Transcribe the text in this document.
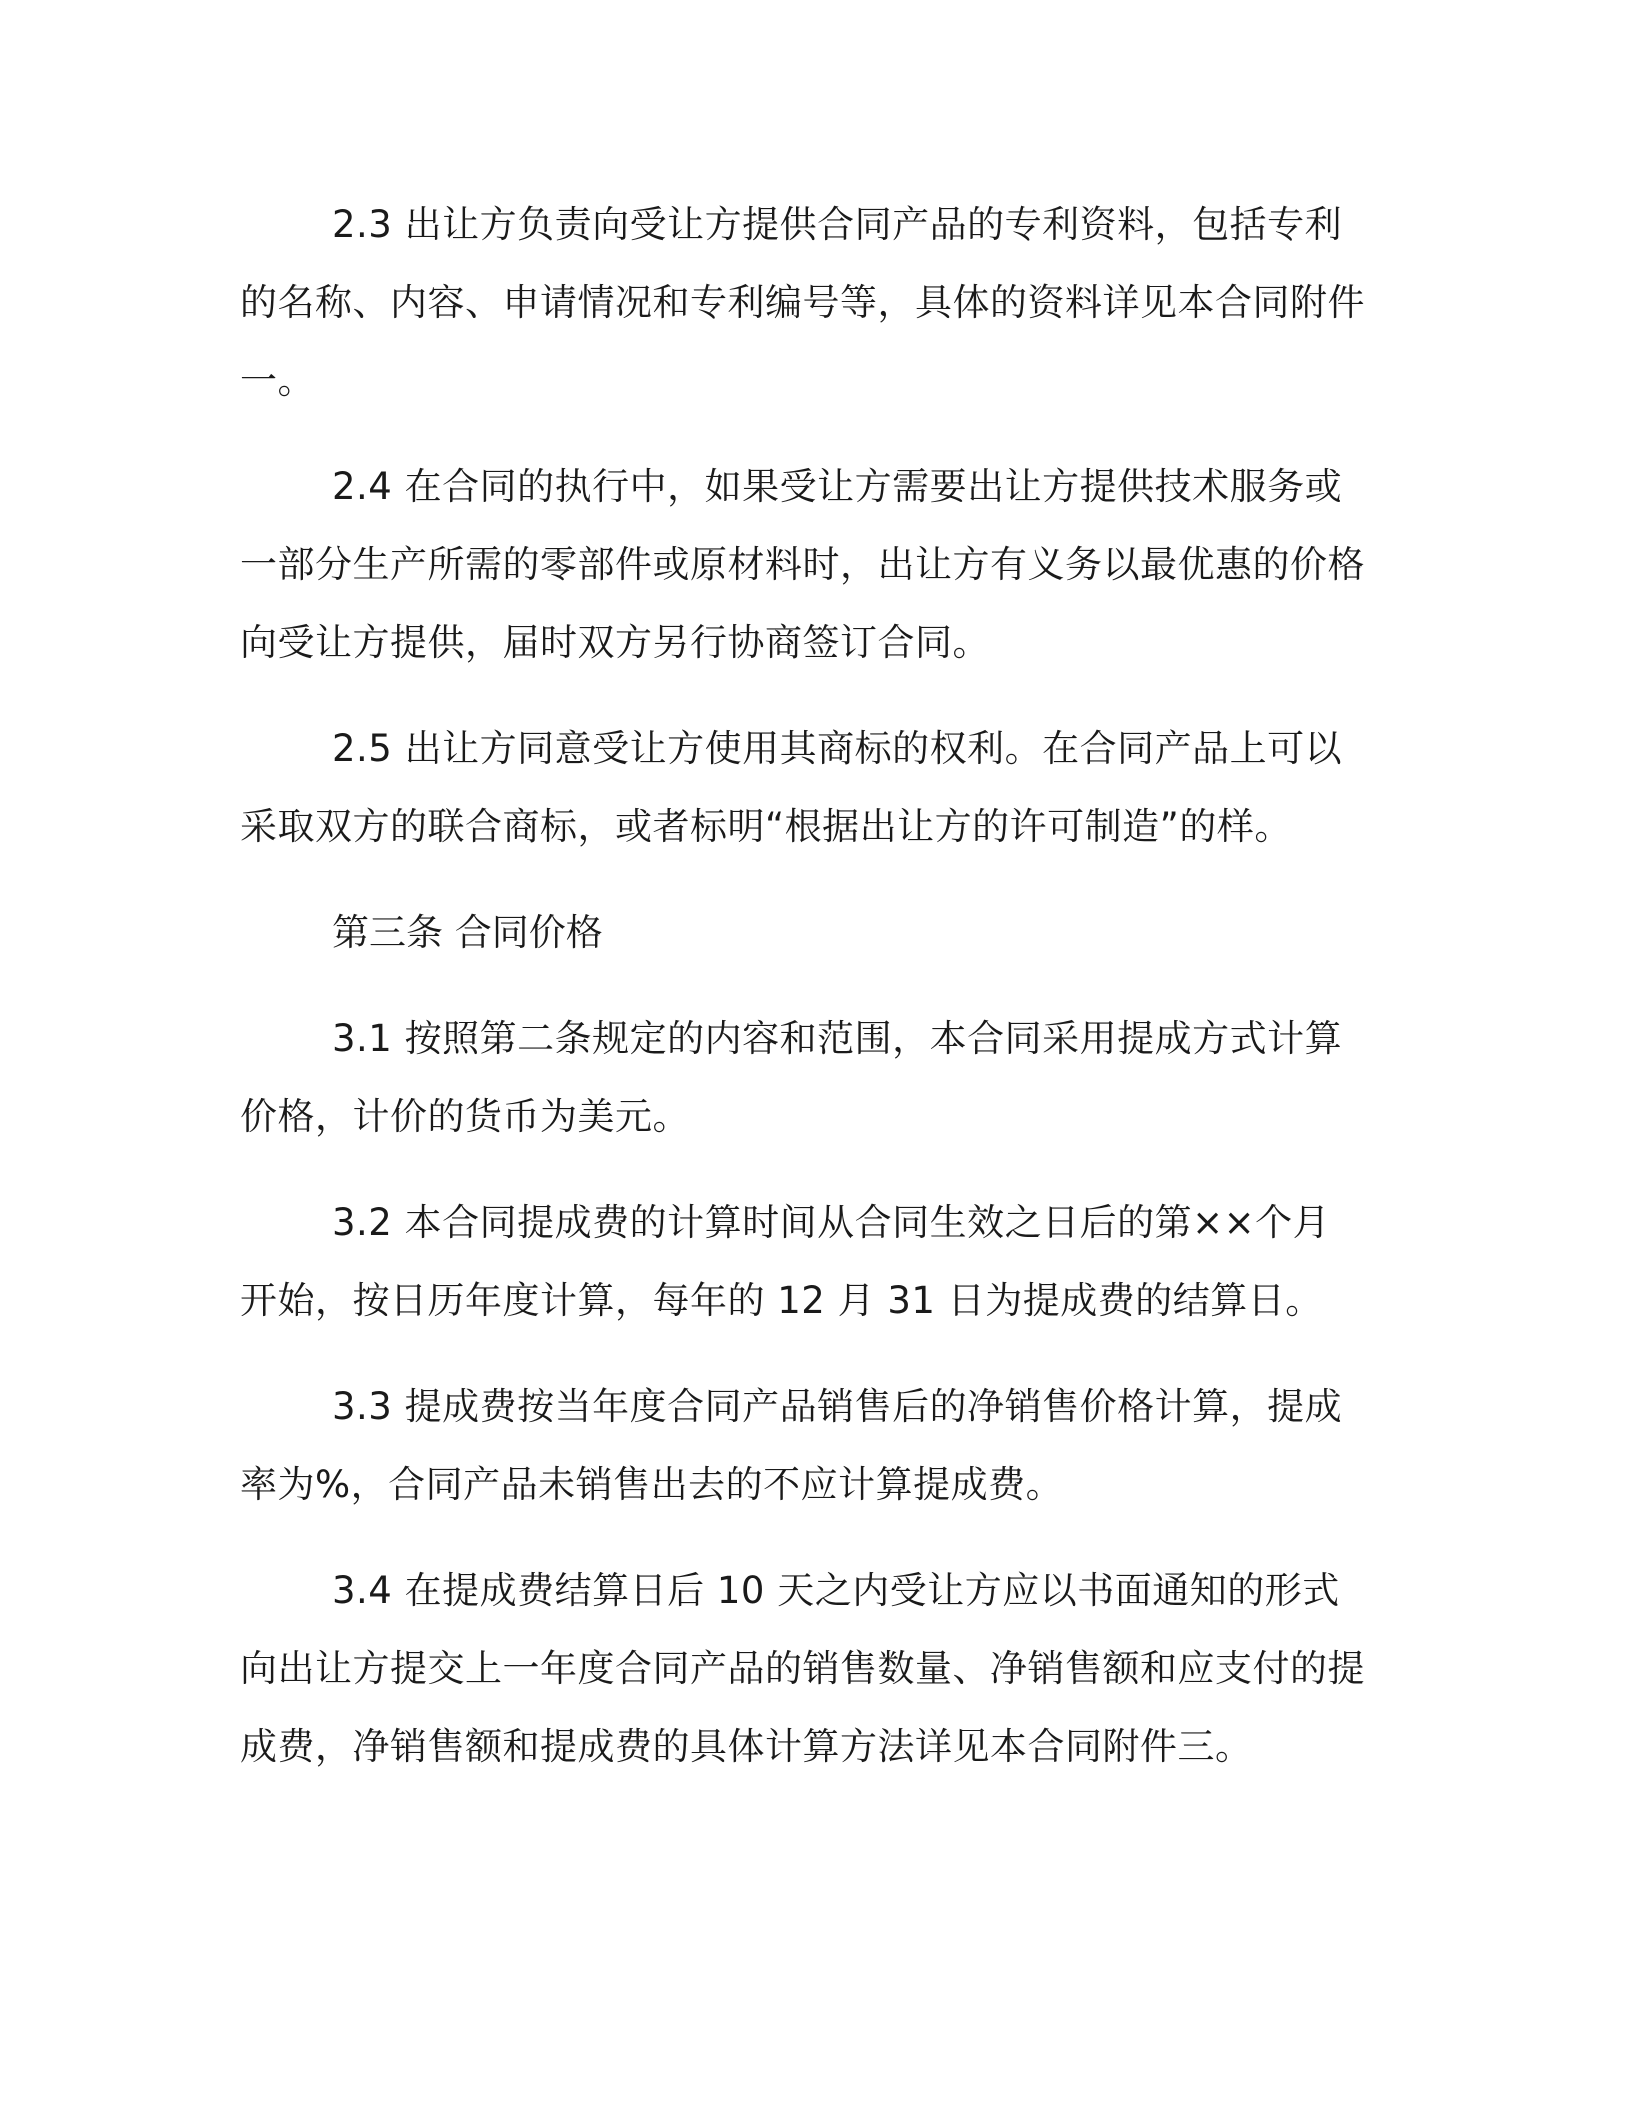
2.3 出让方负责向受让方提供合同产品的专利资料，包括专利的名称、内容、申请情况和专利编号等，具体的资料详见本合同附件一。

2.4 在合同的执行中，如果受让方需要出让方提供技术服务或一部分生产所需的零部件或原材料时，出让方有义务以最优惠的价格向受让方提供，届时双方另行协商签订合同。

2.5 出让方同意受让方使用其商标的权利。在合同产品上可以采取双方的联合商标，或者标明“根据出让方的许可制造”的样。

第三条 合同价格

3.1 按照第二条规定的内容和范围，本合同采用提成方式计算价格，计价的货币为美元。

3.2 本合同提成费的计算时间从合同生效之日后的第××个月开始，按日历年度计算，每年的 12 月 31 日为提成费的结算日。

3.3 提成费按当年度合同产品销售后的净销售价格计算，提成率为%，合同产品未销售出去的不应计算提成费。

3.4 在提成费结算日后 10 天之内受让方应以书面通知的形式向出让方提交上一年度合同产品的销售数量、净销售额和应支付的提成费，净销售额和提成费的具体计算方法详见本合同附件三。
